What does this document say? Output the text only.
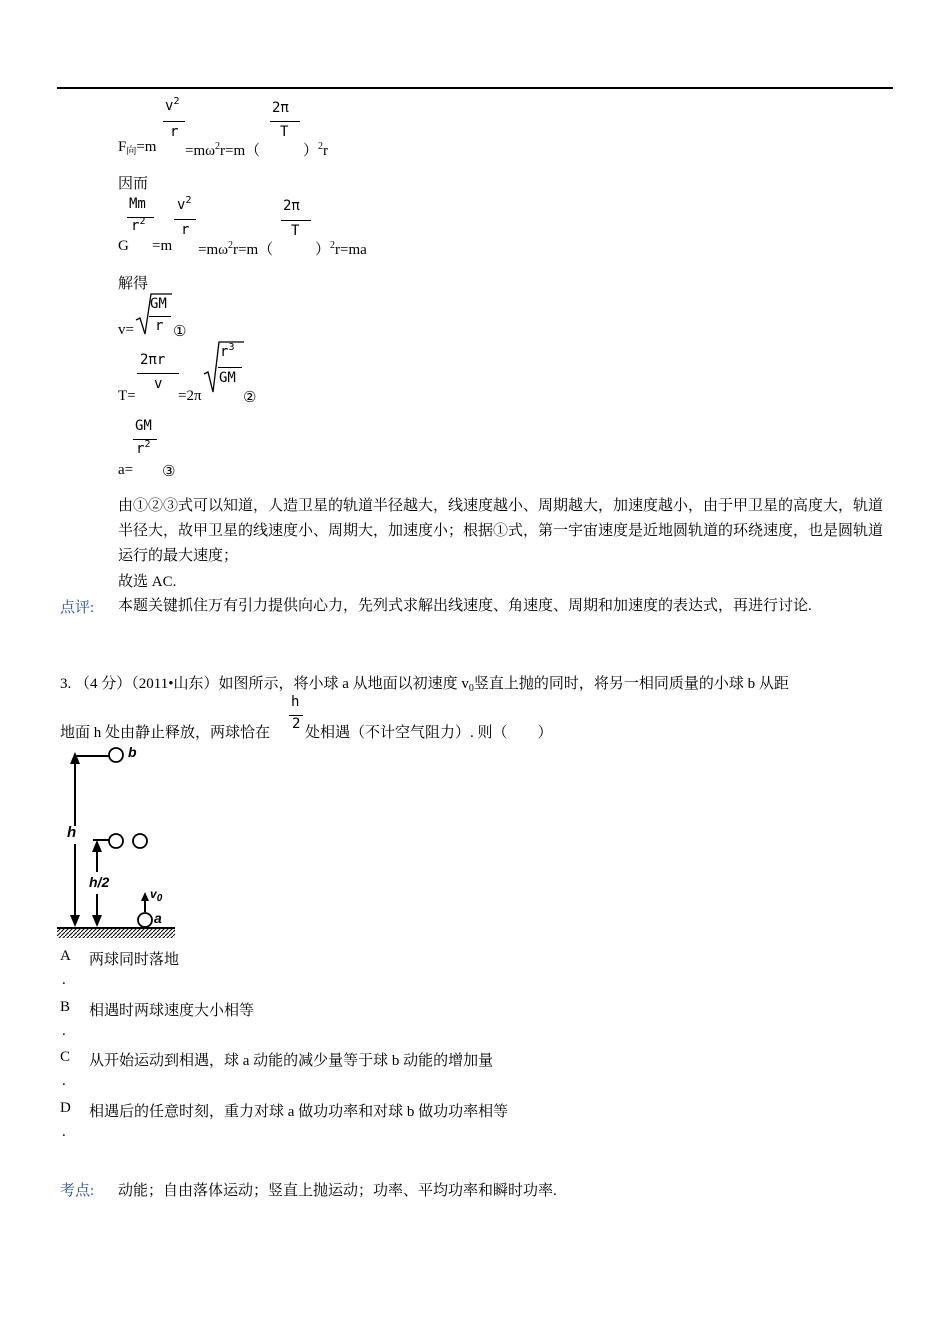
$v^2$
r
2π
T
$F_向=m =m\omega^2r=m$（	）$^2$r
因而
Mm
$r^2$
$v^2$
r
2π
T
$G =m =m\omega^2r=m$（	）$^2$r=ma
解得
v=
GM
r ①
2πr
v
T=	=2π
$r^3$
GM
②
GM
$r^2$
a= ③
由①②③式可以知道，人造卫星的轨道半径越大，线速度越小、周期越大，加速度越小，由于甲卫星的高度大，轨道半径大，故甲卫星的线速度小、周期大，加速度小；根据①式，第一宇宙速度是近地圆轨道的环绕速度，也是圆轨道运行的最大速度；
故选 AC.
点评: 本题关键抓住万有引力提供向心力，先列式求解出线速度、角速度、周期和加速度的表达式，再进行讨论.
3. （4 分）（2011•山东）如图所示，将小球 a 从地面以初速度 $v_0$竖直上抛的同时，将另一相同质量的小球 b 从距
地面 h 处由静止释放，两球恰在
h
2
处相遇（不计空气阻力）. 则（　　）
b
h
h/2
$v_0$
a
A 两球同时落地
.
B 相遇时两球速度大小相等
.
C 从开始运动到相遇，球 a 动能的减少量等于球 b 动能的增加量
.
D 相遇后的任意时刻，重力对球 a 做功功率和对球 b 做功功率相等
.
考点: 动能；自由落体运动；竖直上抛运动；功率、平均功率和瞬时功率.
